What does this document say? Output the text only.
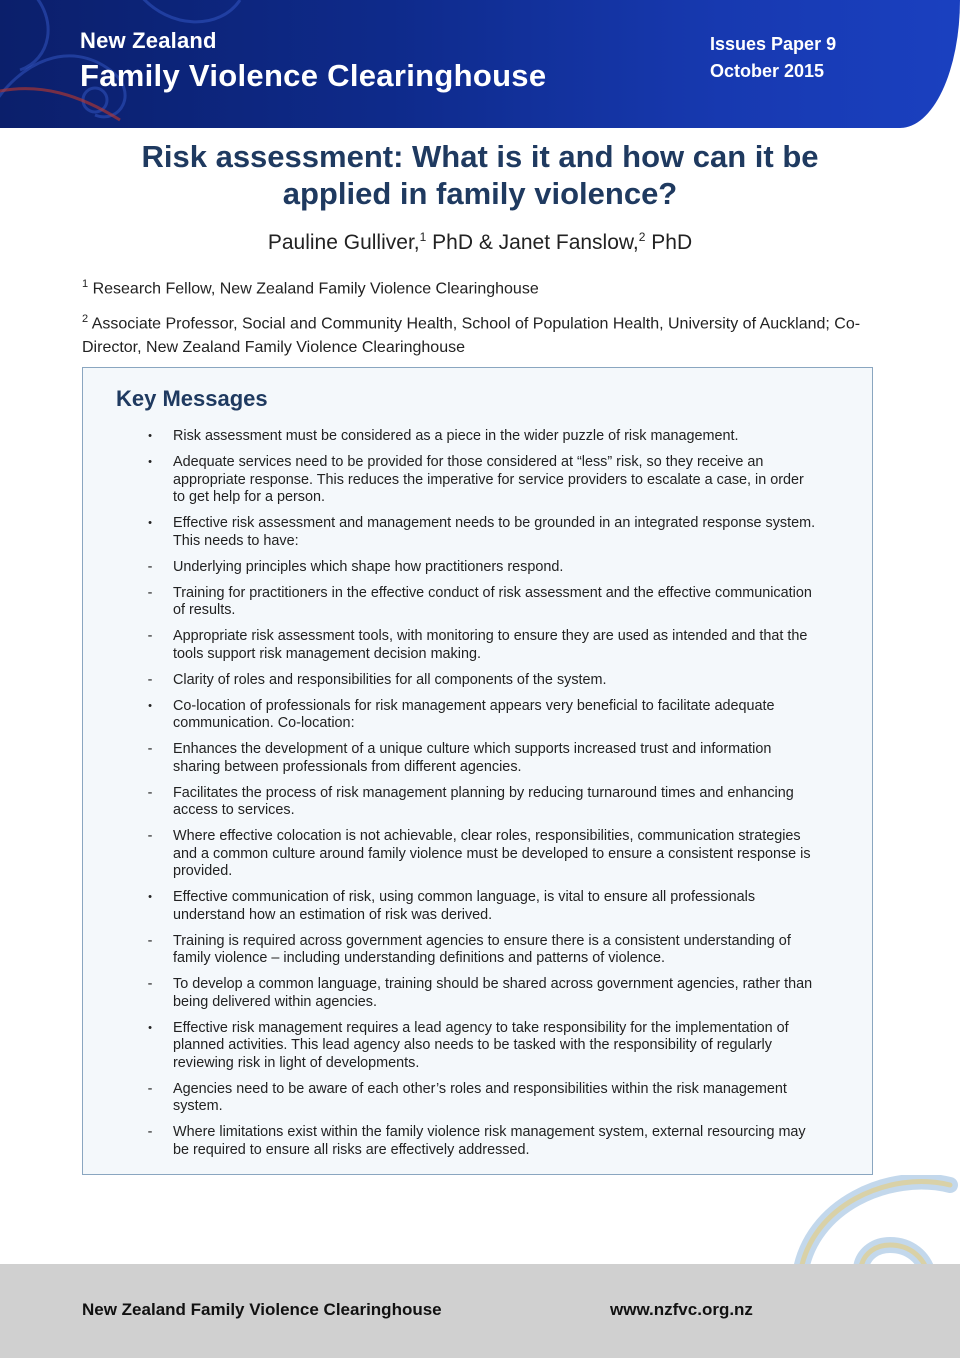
New Zealand
Family Violence Clearinghouse
Issues Paper 9
October 2015
Risk assessment: What is it and how can it be
applied in family violence?
Pauline Gulliver,$^1$ PhD & Janet Fanslow,$^2$ PhD
$^1$ Research Fellow, New Zealand Family Violence Clearinghouse
$^2$ Associate Professor, Social and Community Health, School of Population Health, University of Auckland; Co-Director, New Zealand Family Violence Clearinghouse
Key Messages
•	Risk assessment must be considered as a piece in the wider puzzle of risk management.
•	Adequate services need to be provided for those considered at “less” risk, so they receive an appropriate response. This reduces the imperative for service providers to escalate a case, in order to get help for a person.
•	Effective risk assessment and management needs to be grounded in an integrated response system. This needs to have:
-	Underlying principles which shape how practitioners respond.
-	Training for practitioners in the effective conduct of risk assessment and the effective communication of results.
-	Appropriate risk assessment tools, with monitoring to ensure they are used as intended and that the tools support risk management decision making.
-	Clarity of roles and responsibilities for all components of the system.
•	Co-location of professionals for risk management appears very beneficial to facilitate adequate communication. Co-location:
-	Enhances the development of a unique culture which supports increased trust and information sharing between professionals from different agencies.
-	Facilitates the process of risk management planning by reducing turnaround times and enhancing access to services.
-	Where effective colocation is not achievable, clear roles, responsibilities, communication strategies and a common culture around family violence must be developed to ensure a consistent response is provided.
•	Effective communication of risk, using common language, is vital to ensure all professionals understand how an estimation of risk was derived.
-	Training is required across government agencies to ensure there is a consistent understanding of family violence – including understanding definitions and patterns of violence.
-	To develop a common language, training should be shared across government agencies, rather than being delivered within agencies.
•	Effective risk management requires a lead agency to take responsibility for the implementation of planned activities. This lead agency also needs to be tasked with the responsibility of regularly reviewing risk in light of developments.
-	Agencies need to be aware of each other’s roles and responsibilities within the risk management system.
-	Where limitations exist within the family violence risk management system, external resourcing may be required to ensure all risks are effectively addressed.
New Zealand Family Violence Clearinghouse	www.nzfvc.org.nz
